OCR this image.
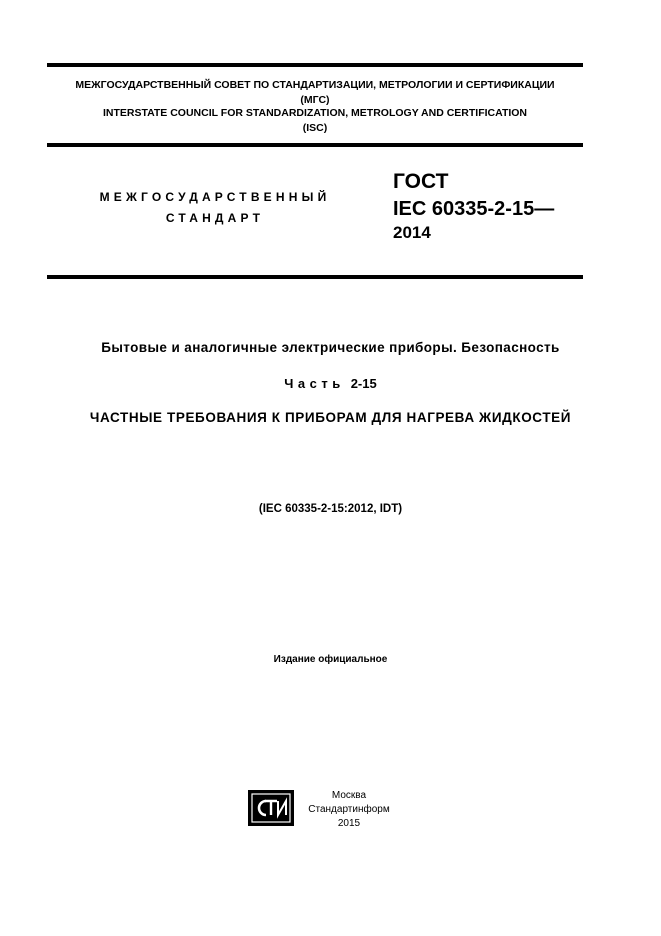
МЕЖГОСУДАРСТВЕННЫЙ СОВЕТ ПО СТАНДАРТИЗАЦИИ, МЕТРОЛОГИИ И СЕРТИФИКАЦИИ
(МГС)
INTERSTATE COUNCIL FOR STANDARDIZATION, METROLOGY AND CERTIFICATION
(ISC)
МЕЖГОСУДАРСТВЕННЫЙ
СТАНДАРТ
ГОСТ
IEC 60335-2-15—
2014
Бытовые и аналогичные электрические приборы. Безопасность
Часть 2-15
ЧАСТНЫЕ ТРЕБОВАНИЯ К ПРИБОРАМ ДЛЯ НАГРЕВА ЖИДКОСТЕЙ
(IEC 60335-2-15:2012, IDT)
Издание официальное
Москва
Стандартинформ
2015
